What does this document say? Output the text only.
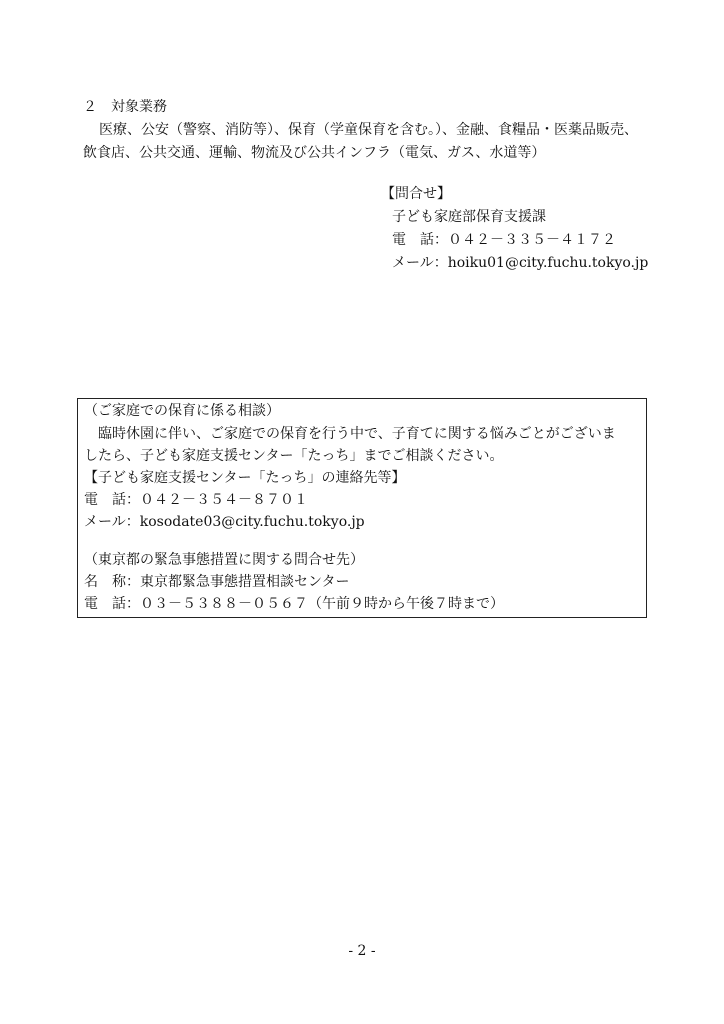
２　対象業務
医療、公安（警察、消防等）、保育（学童保育を含む。）、金融、食糧品・医薬品販売、
飲食店、公共交通、運輸、物流及び公共インフラ（電気、ガス、水道等）
【問合せ】
子ども家庭部保育支援課
電　話：０４２－３３５－４１７２
メール：hoiku01@city.fuchu.tokyo.jp
（ご家庭での保育に係る相談）
臨時休園に伴い、ご家庭での保育を行う中で、子育てに関する悩みごとがございま
したら、子ども家庭支援センター「たっち」までご相談ください。
【子ども家庭支援センター「たっち」の連絡先等】
電　話：０４２－３５４－８７０１
メール：kosodate03@city.fuchu.tokyo.jp
（東京都の緊急事態措置に関する問合せ先）
名　称：東京都緊急事態措置相談センター
電　話：０３－５３８８－０５６７（午前９時から午後７時まで）
- 2 -
